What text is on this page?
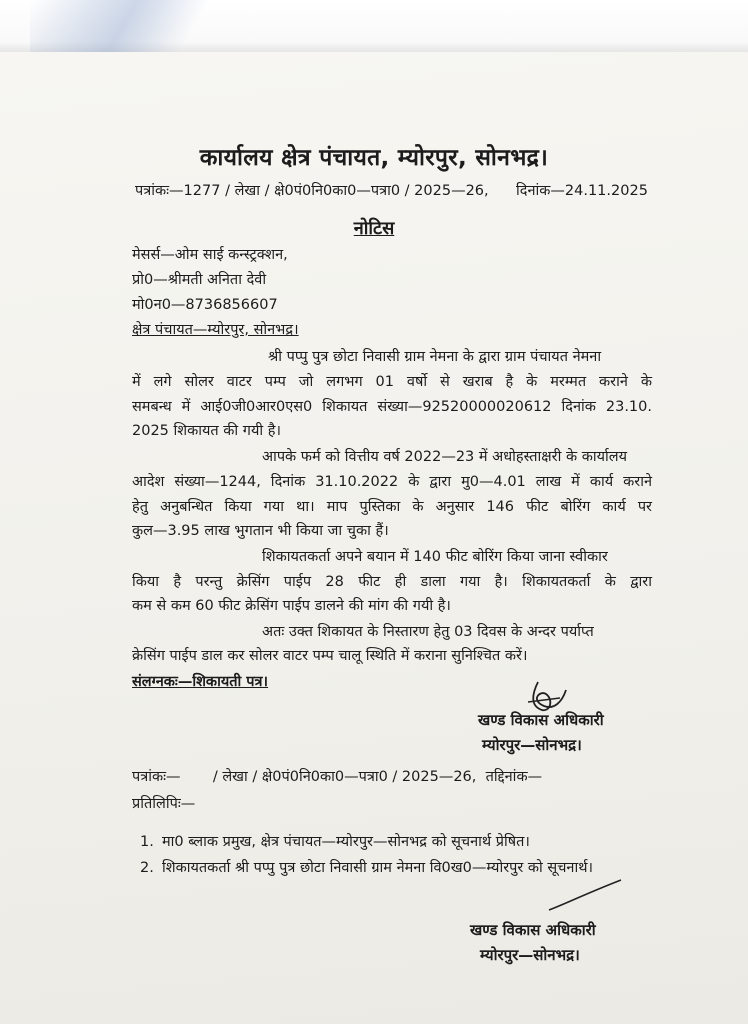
कार्यालय क्षेत्र पंचायत, म्योरपुर, सोनभद्र।
पत्रांकः—1277 / लेखा / क्षे0पं0नि0का0—पत्रा0 / 2025—26, दिनांक—24.11.2025
नोटिस
मेसर्स—ओम साई कन्स्ट्रक्शन,
प्रो0—श्रीमती अनिता देवी
मो0न0—8736856607
क्षेत्र पंचायत—म्योरपुर, सोनभद्र।
श्री पप्पु पुत्र छोटा निवासी ग्राम नेमना के द्वारा ग्राम पंचायत नेमना
में लगे सोलर वाटर पम्प जो लगभग 01 वर्षो से खराब है के मरम्मत कराने के
समबन्ध में आई0जी0आर0एस0 शिकायत संख्या—92520000020612 दिनांक 23.10.
2025 शिकायत की गयी है।
आपके फर्म को वित्तीय वर्ष 2022—23 में अधोहस्ताक्षरी के कार्यालय
आदेश संख्या—1244, दिनांक 31.10.2022 के द्वारा मु0—4.01 लाख में कार्य कराने
हेतु अनुबन्धित किया गया था। माप पुस्तिका के अनुसार 146 फीट बोरिंग कार्य पर
कुल—3.95 लाख भुगतान भी किया जा चुका हैं।
शिकायतकर्ता अपने बयान में 140 फीट बोरिंग किया जाना स्वीकार
किया है परन्तु क्रेसिंग पाईप 28 फीट ही डाला गया है। शिकायतकर्ता के द्वारा
कम से कम 60 फीट क्रेसिंग पाईप डालने की मांग की गयी है।
अतः उक्त शिकायत के निस्तारण हेतु 03 दिवस के अन्दर पर्याप्त
क्रेसिंग पाईप डाल कर सोलर वाटर पम्प चालू स्थिति में कराना सुनिश्चित करें।
संलग्नकः—शिकायती पत्र।
खण्ड विकास अधिकारी
म्योरपुर—सोनभद्र।
पत्रांकः—       / लेखा / क्षे0पं0नि0का0—पत्रा0 / 2025—26,  तद्दिनांक—
प्रतिलिपिः—
1. मा0 ब्लाक प्रमुख, क्षेत्र पंचायत—म्योरपुर—सोनभद्र को सूचनार्थ प्रेषित।
2. शिकायतकर्ता श्री पप्पु पुत्र छोटा निवासी ग्राम नेमना वि0ख0—म्योरपुर को सूचनार्थ।
खण्ड विकास अधिकारी
म्योरपुर—सोनभद्र।
